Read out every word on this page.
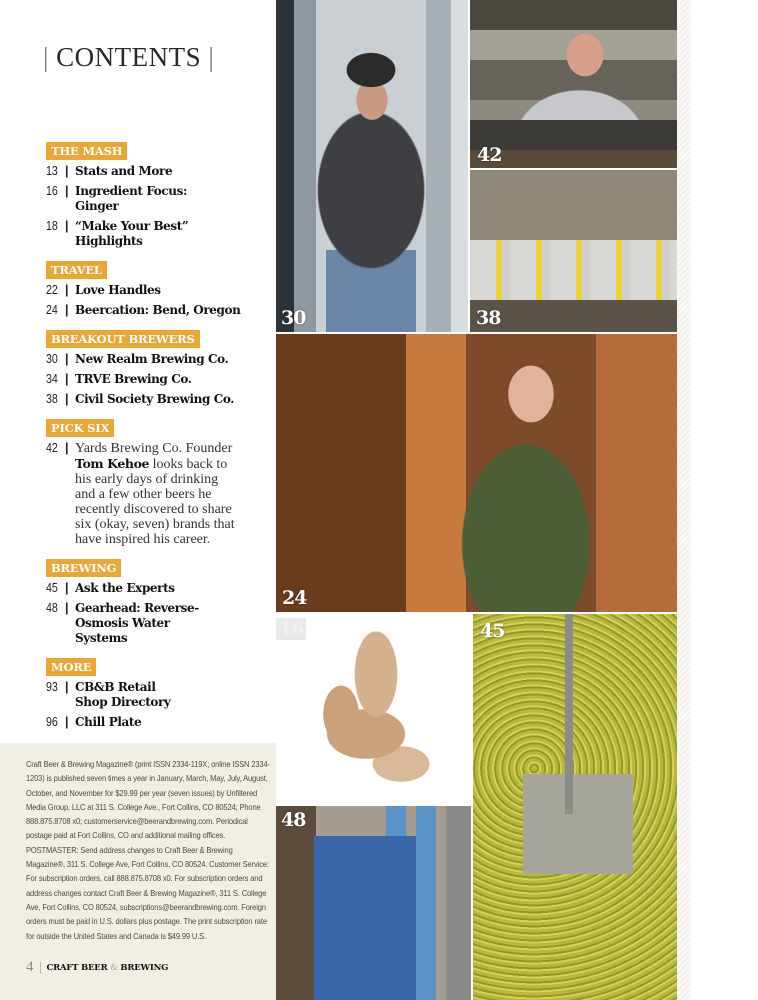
| CONTENTS |
THE MASH
13 | Stats and More
16 | Ingredient Focus: Ginger
18 | “Make Your Best” Highlights
TRAVEL
22 | Love Handles
24 | Beercation: Bend, Oregon
BREAKOUT BREWERS
30 | New Realm Brewing Co.
34 | TRVE Brewing Co.
38 | Civil Society Brewing Co.
PICK SIX
42 | Yards Brewing Co. Founder Tom Kehoe looks back to his early days of drinking and a few other beers he recently discovered to share six (okay, seven) brands that have inspired his career.
BREWING
45 | Ask the Experts
48 | Gearhead: Reverse-Osmosis Water Systems
MORE
93 | CB&B Retail Shop Directory
96 | Chill Plate
Craft Beer & Brewing Magazine® (print ISSN 2334-119X; online ISSN 2334-1203) is published seven times a year in January, March, May, July, August, October, and November for $29.99 per year (seven issues) by Unfiltered Media Group, LLC at 311 S. College Ave., Fort Collins, CO 80524; Phone 888.875.8708 x0; customerservice@beerandbrewing.com. Periodical postage paid at Fort Collins, CO and additional mailing offices. POSTMASTER: Send address changes to Craft Beer & Brewing Magazine®, 311 S. College Ave, Fort Collins, CO 80524. Customer Service: For subscription orders, call 888.875.8708 x0. For subscription orders and address changes contact Craft Beer & Brewing Magazine®, 311 S. College Ave, Fort Collins, CO 80524, subscriptions@beerandbrewing.com. Foreign orders must be paid in U.S. dollars plus postage. The print subscription rate for outside the United States and Canada is $49.99 U.S.
4 CRAFT BEER & BREWING
30
42
38
24
16	45
48
